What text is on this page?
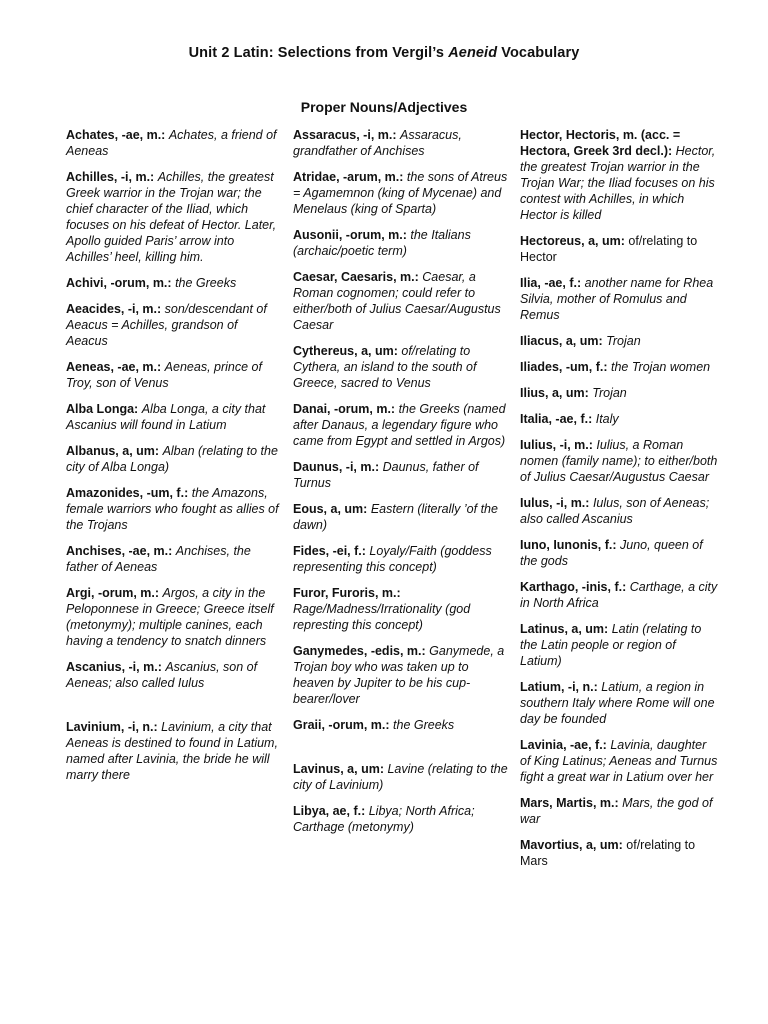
Unit 2 Latin: Selections from Vergil’s Aeneid Vocabulary
Proper Nouns/Adjectives

Achates, -ae, m.: Achates, a friend of Aeneas

Achilles, -i, m.: Achilles, the greatest Greek warrior in the Trojan war; the chief character of the Iliad, which focuses on his defeat of Hector. Later, Apollo guided Paris’ arrow into Achilles’ heel, killing him.

Achivi, -orum, m.: the Greeks

Aeacides, -i, m.: son/descendant of Aeacus = Achilles, grandson of Aeacus

Aeneas, -ae, m.: Aeneas, prince of Troy, son of Venus

Alba Longa: Alba Longa, a city that Ascanius will found in Latium

Albanus, a, um: Alban (relating to the city of Alba Longa)

Amazonides, -um, f.: the Amazons, female warriors who fought as allies of the Trojans

Anchises, -ae, m.: Anchises, the father of Aeneas

Argi, -orum, m.: Argos, a city in the Peloponnese in Greece; Greece itself (metonymy); multiple canines, each having a tendency to snatch dinners

Ascanius, -i, m.: Ascanius, son of Aeneas; also called Iulus

Lavinium, -i, n.: Lavinium, a city that Aeneas is destined to found in Latium, named after Lavinia, the bride he will marry there

Assaracus, -i, m.: Assaracus, grandfather of Anchises

Atridae, -arum, m.: the sons of Atreus = Agamemnon (king of Mycenae) and Menelaus (king of Sparta)

Ausonii, -orum, m.: the Italians (archaic/poetic term)

Caesar, Caesaris, m.: Caesar, a Roman cognomen; could refer to either/both of Julius Caesar/Augustus Caesar

Cythereus, a, um: of/relating to Cythera, an island to the south of Greece, sacred to Venus

Danai, -orum, m.: the Greeks (named after Danaus, a legendary figure who came from Egypt and settled in Argos)

Daunus, -i, m.: Daunus, father of Turnus

Eous, a, um: Eastern (literally ’of the dawn)

Fides, -ei, f.: Loyaly/Faith (goddess representing this concept)

Furor, Furoris, m.: Rage/Madness/Irrationality (god represting this concept)

Ganymedes, -edis, m.: Ganymede, a Trojan boy who was taken up to heaven by Jupiter to be his cup-bearer/lover

Graii, -orum, m.: the Greeks

Lavinus, a, um: Lavine (relating to the city of Lavinium)

Libya, ae, f.: Libya; North Africa; Carthage (metonymy)

Hector, Hectoris, m. (acc. = Hectora, Greek 3rd decl.): Hector, the greatest Trojan warrior in the Trojan War; the Iliad focuses on his contest with Achilles, in which Hector is killed

Hectoreus, a, um: of/relating to Hector

Ilia, -ae, f.: another name for Rhea Silvia, mother of Romulus and Remus

Iliacus, a, um: Trojan

Iliades, -um, f.: the Trojan women

Ilius, a, um: Trojan

Italia, -ae, f.: Italy

Iulius, -i, m.: Iulius, a Roman nomen (family name); to either/both of Julius Caesar/Augustus Caesar

Iulus, -i, m.: Iulus, son of Aeneas; also called Ascanius

Iuno, Iunonis, f.: Juno, queen of the gods

Karthago, -inis, f.: Carthage, a city in North Africa

Latinus, a, um: Latin (relating to the Latin people or region of Latium)

Latium, -i, n.: Latium, a region in southern Italy where Rome will one day be founded

Lavinia, -ae, f.: Lavinia, daughter of King Latinus; Aeneas and Turnus fight a great war in Latium over her

Mars, Martis, m.: Mars, the god of war

Mavortius, a, um: of/relating to Mars
